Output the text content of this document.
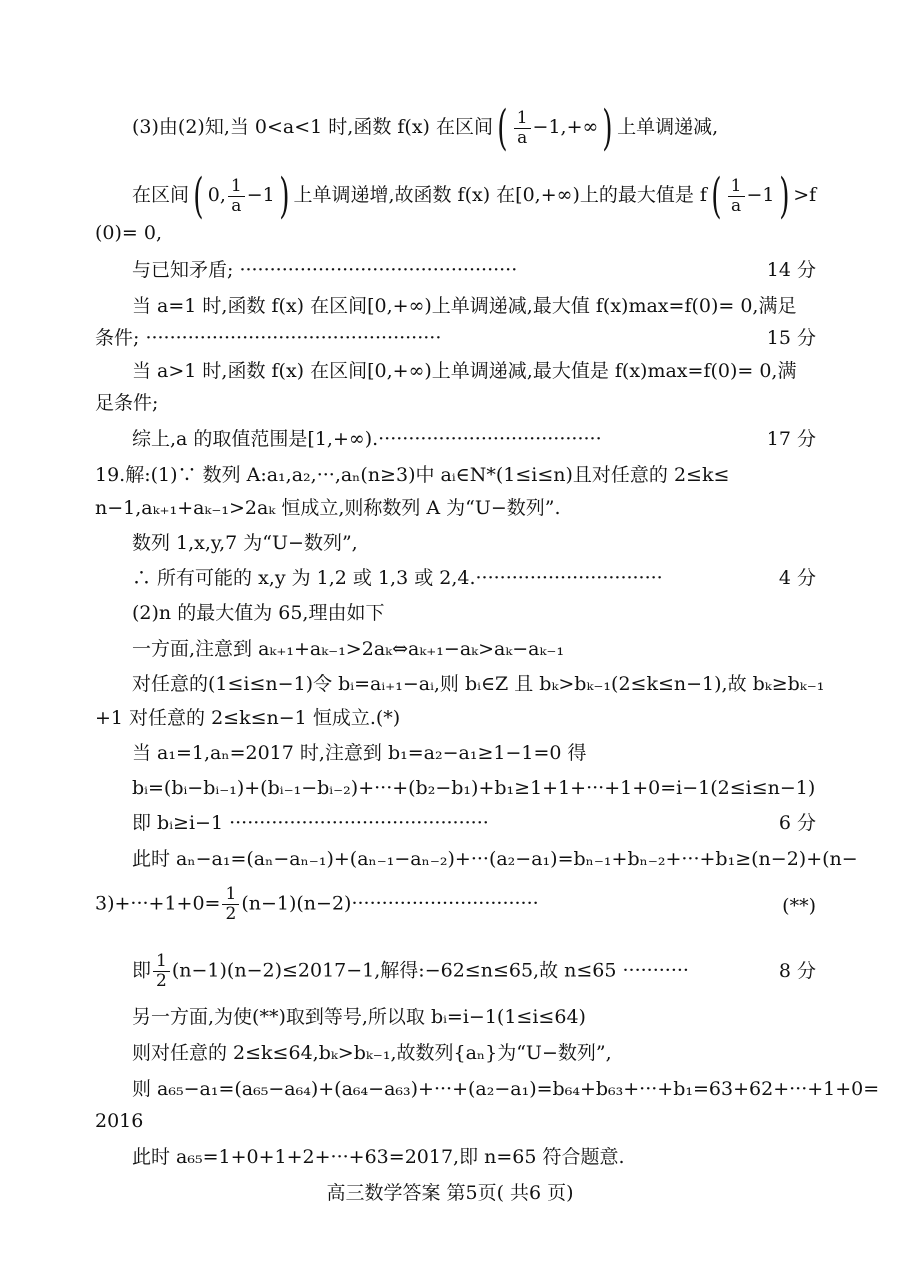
(3)由(2)知,当 0<a<1 时,函数 f(x) 在区间( $\frac{1}{a} -1,+\infty$) 上单调递减,
在区间( 0, $\frac{1}{a} -1$) 上单调递增,故函数 f(x) 在[0,+∞)上的最大值是 $f( \frac{1}{a} -1) >f$
(0)= 0,
与已知矛盾; ··············································	14 分
当 a=1 时,函数 f(x) 在区间[0,+∞)上单调递减,最大值 f(x)max=f(0)= 0,满足
条件; ·················································	15 分
当 a>1 时,函数 f(x) 在区间[0,+∞)上单调递减,最大值是 f(x)max=f(0)= 0,满
足条件;
综上,a 的取值范围是[1,+∞).·····································	17 分
19.解:(1)∵ 数列 A:a₁,a₂,···,aₙ(n≥3)中 aᵢ∈N*(1≤i≤n)且对任意的 2≤k≤
n−1,aₖ₊₁+aₖ₋₁>2aₖ 恒成立,则称数列 A 为“U−数列”.
数列 1,x,y,7 为“U−数列”,
∴ 所有可能的 x,y 为 1,2 或 1,3 或 2,4.·······························	4 分
(2)n 的最大值为 65,理由如下
一方面,注意到 aₖ₊₁+aₖ₋₁>2aₖ⇔aₖ₊₁−aₖ>aₖ−aₖ₋₁
对任意的(1≤i≤n−1)令 bᵢ=aᵢ₊₁−aᵢ,则 bᵢ∈Z 且 bₖ>bₖ₋₁(2≤k≤n−1),故 bₖ≥bₖ₋₁
+1 对任意的 2≤k≤n−1 恒成立.(*)
当 a₁=1,aₙ=2017 时,注意到 b₁=a₂−a₁≥1−1=0 得
bᵢ=(bᵢ−bᵢ₋₁)+(bᵢ₋₁−bᵢ₋₂)+···+(b₂−b₁)+b₁≥1+1+···+1+0=i−1(2≤i≤n−1)
即 bᵢ≥i−1 ···········································	6 分
此时 aₙ−a₁=(aₙ−aₙ₋₁)+(aₙ₋₁−aₙ₋₂)+···(a₂−a₁)=bₙ₋₁+bₙ₋₂+···+b₁≥(n−2)+(n−
$3)+\cdot\cdot\cdot+1+0= \frac{1}{2} (n-1)(n-2)\cdot\cdot\cdot\cdot\cdot\cdot\cdot\cdot\cdot\cdot\cdot\cdot\cdot\cdot\cdot\cdot\cdot\cdot\cdot\cdot\cdot\cdot\cdot\cdot\cdot\cdot\cdot\cdot\cdot\cdot\cdot$	(**)
即 $\frac{1}{2} (n-1)(n-2)\le 2017-1$,解得:−62≤n≤65,故 n≤65 ···········	8 分
另一方面,为使(**)取到等号,所以取 bᵢ=i−1(1≤i≤64)
则对任意的 2≤k≤64,bₖ>bₖ₋₁,故数列{aₙ}为“U−数列”,
则 a₆₅−a₁=(a₆₅−a₆₄)+(a₆₄−a₆₃)+···+(a₂−a₁)=b₆₄+b₆₃+···+b₁=63+62+···+1+0=
2016
此时 a₆₅=1+0+1+2+···+63=2017,即 n=65 符合题意.
高三数学答案 第5页( 共6 页)
